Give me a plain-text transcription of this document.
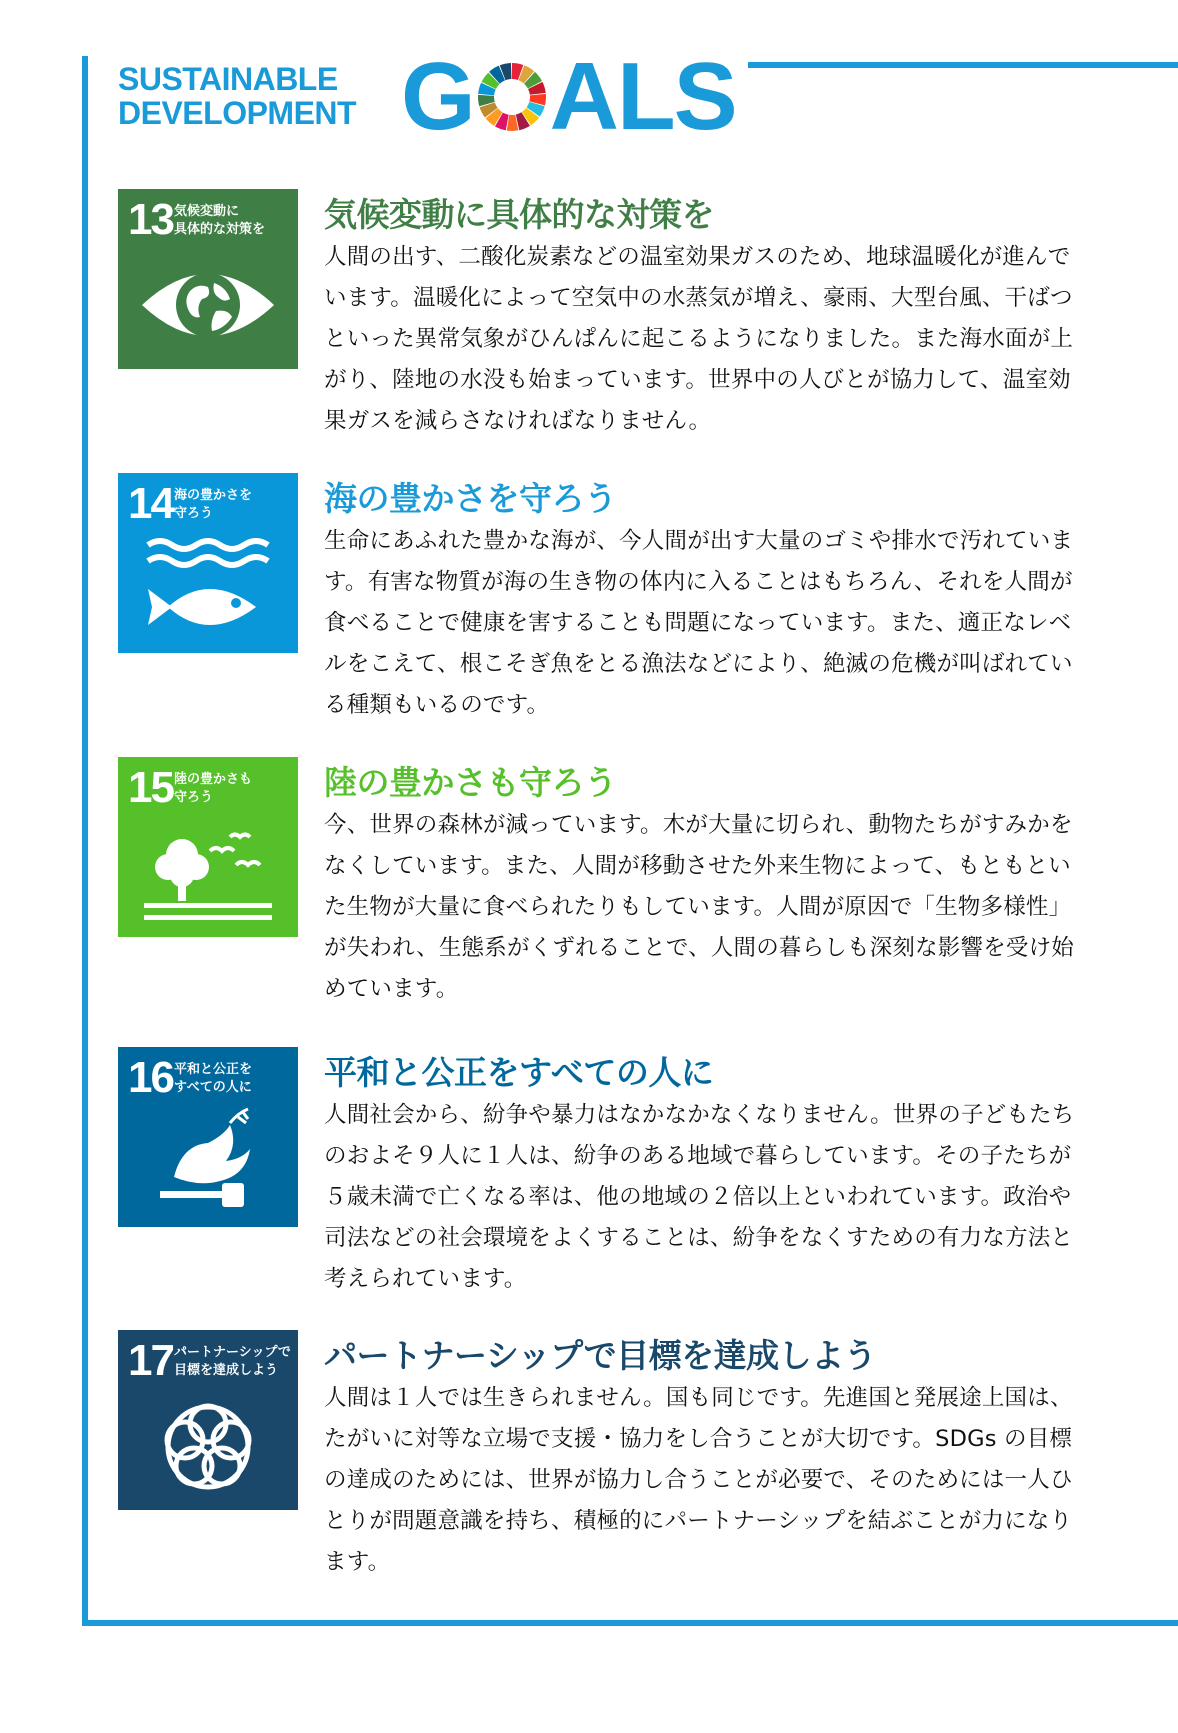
SUSTAINABLE
DEVELOPMENT G ALS
13 気候変動に
具体的な対策を 気候変動に具体的な対策を
人間の出す、二酸化炭素などの温室効果ガスのため、地球温暖化が進んでいます。温暖化によって空気中の水蒸気が増え、豪雨、大型台風、干ばつといった異常気象がひんぱんに起こるようになりました。また海水面が上がり、陸地の水没も始まっています。世界中の人びとが協力して、温室効果ガスを減らさなければなりません。
14 海の豊かさを
守ろう	海の豊かさを守ろう
生命にあふれた豊かな海が、今人間が出す大量のゴミや排水で汚れています。有害な物質が海の生き物の体内に入ることはもちろん、それを人間が食べることで健康を害することも問題になっています。また、適正なレベルをこえて、根こそぎ魚をとる漁法などにより、絶滅の危機が叫ばれている種類もいるのです。
15 陸の豊かさも
守ろう	陸の豊かさも守ろう
今、世界の森林が減っています。木が大量に切られ、動物たちがすみかをなくしています。また、人間が移動させた外来生物によって、もともといた生物が大量に食べられたりもしています。人間が原因で「生物多様性」が失われ、生態系がくずれることで、人間の暮らしも深刻な影響を受け始めています。
16 平和と公正を
すべての人に 平和と公正をすべての人に
人間社会から、紛争や暴力はなかなかなくなりません。世界の子どもたちのおよそ９人に１人は、紛争のある地域で暮らしています。その子たちが５歳未満で亡くなる率は、他の地域の２倍以上といわれています。政治や司法などの社会環境をよくすることは、紛争をなくすための有力な方法と考えられています。
17 パートナーシップで
目標を達成しよう	パートナーシップで目標を達成しよう
人間は１人では生きられません。国も同じです。先進国と発展途上国は、たがいに対等な立場で支援・協力をし合うことが大切です。SDGs の目標の達成のためには、世界が協力し合うことが必要で、そのためには一人ひとりが問題意識を持ち、積極的にパートナーシップを結ぶことが力になります。
